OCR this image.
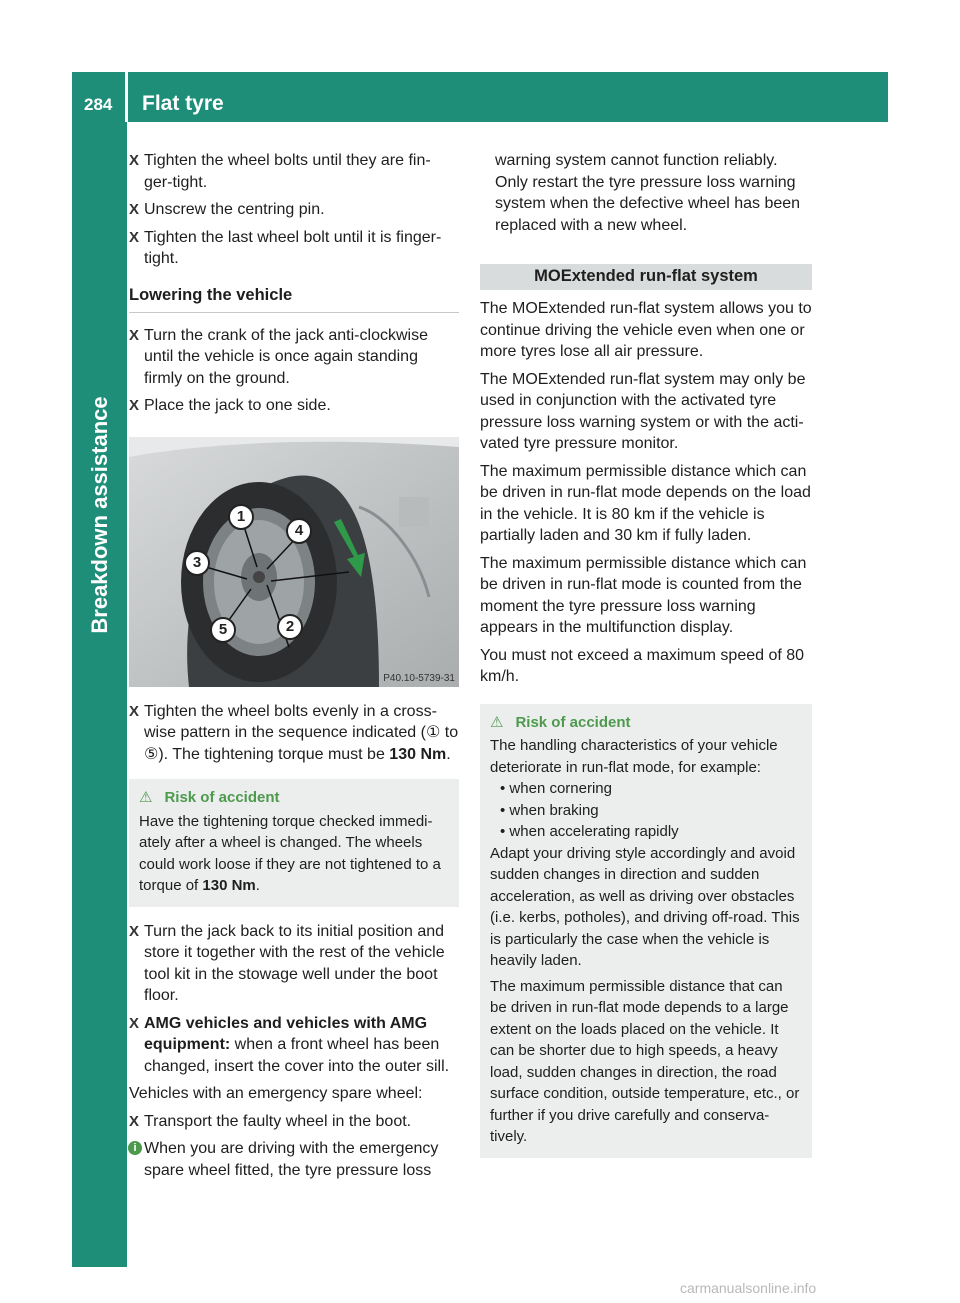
284 Flat tyre
Breakdown assistance
X Tighten the wheel bolts until they are fin-ger-tight.
X Unscrew the centring pin.
X Tighten the last wheel bolt until it is finger-tight.
Lowering the vehicle
X Turn the crank of the jack anti-clockwise until the vehicle is once again standing firmly on the ground.
X Place the jack to one side.
1
2
3
4
5
P40.10-5739-31
X Tighten the wheel bolts evenly in a cross-wise pattern in the sequence indicated (① to ⑤). The tightening torque must be 130 Nm.
⚠ Risk of accident
Have the tightening torque checked immedi-ately after a wheel is changed. The wheels could work loose if they are not tightened to a torque of 130 Nm.
X Turn the jack back to its initial position and store it together with the rest of the vehicle tool kit in the stowage well under the boot floor.
X AMG vehicles and vehicles with AMG equipment: when a front wheel has been changed, insert the cover into the outer sill.
Vehicles with an emergency spare wheel:
X Transport the faulty wheel in the boot.
i When you are driving with the emergency spare wheel fitted, the tyre pressure loss
warning system cannot function reliably. Only restart the tyre pressure loss warning system when the defective wheel has been replaced with a new wheel.
MOExtended run-flat system
The MOExtended run-flat system allows you to continue driving the vehicle even when one or more tyres lose all air pressure.
The MOExtended run-flat system may only be used in conjunction with the activated tyre pressure loss warning system or with the acti-vated tyre pressure monitor.
The maximum permissible distance which can be driven in run-flat mode depends on the load in the vehicle. It is 80 km if the vehicle is partially laden and 30 km if fully laden.
The maximum permissible distance which can be driven in run-flat mode is counted from the moment the tyre pressure loss warning appears in the multifunction display.
You must not exceed a maximum speed of 80 km/h.
⚠ Risk of accident
The handling characteristics of your vehicle deteriorate in run-flat mode, for example:
• when cornering
• when braking
• when accelerating rapidly
Adapt your driving style accordingly and avoid sudden changes in direction and sudden acceleration, as well as driving over obstacles (i.e. kerbs, potholes), and driving off-road. This is particularly the case when the vehicle is heavily laden.
The maximum permissible distance that can be driven in run-flat mode depends to a large extent on the loads placed on the vehicle. It can be shorter due to high speeds, a heavy load, sudden changes in direction, the road surface condition, outside temperature, etc., or further if you drive carefully and conserva-tively.
carmanualsonline.info
